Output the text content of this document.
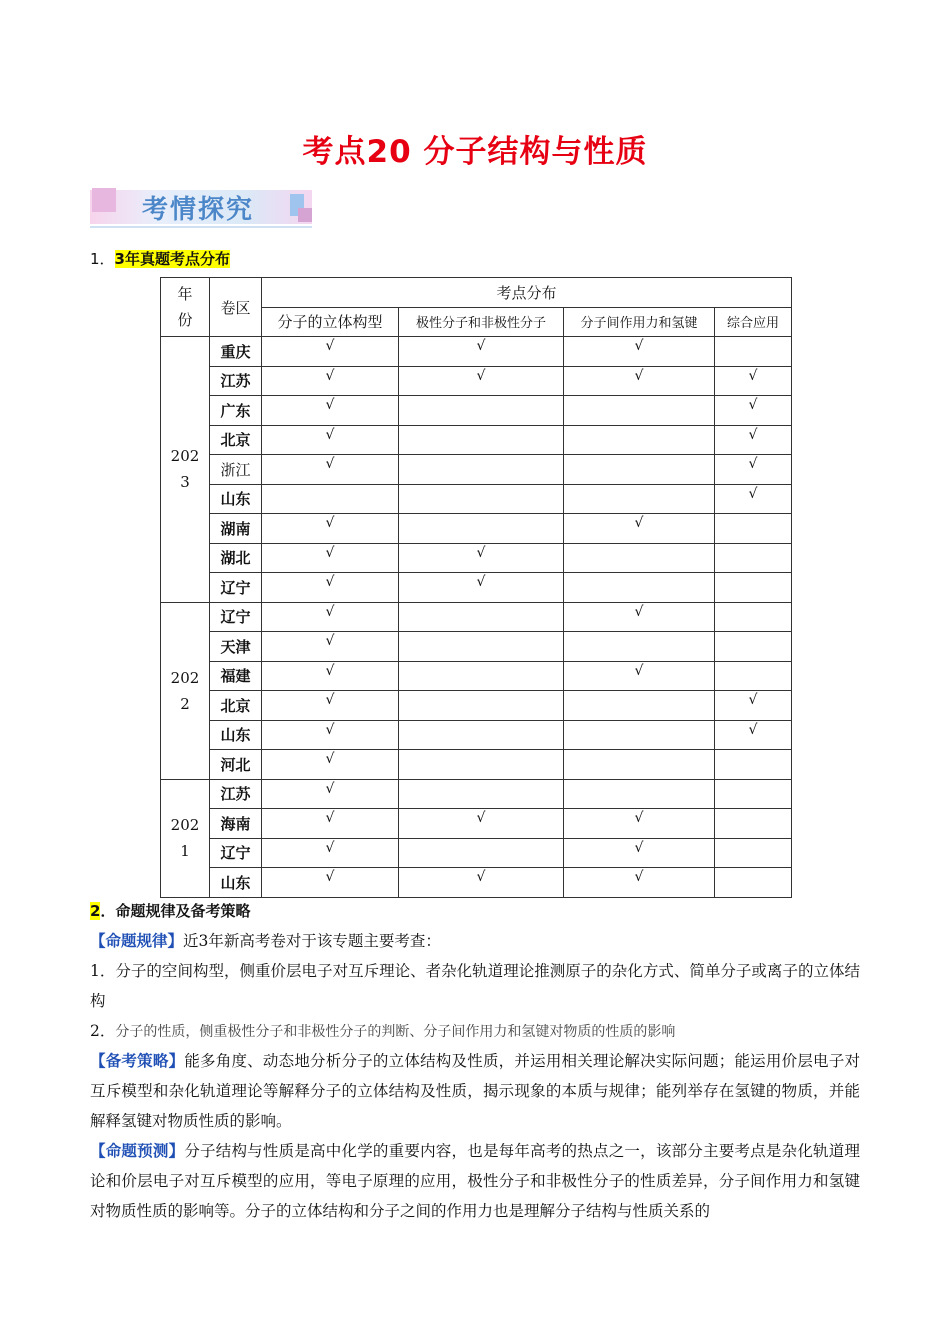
考点20 分子结构与性质
考情探究
1．3年真题考点分布
年
份	卷区	考点分布			
		分子的立体构型	极性分子和非极性分子	分子间作用力和氢键	综合应用
202
3	重庆	√	√	√	
	江苏	√	√	√	√
	广东	√			√
	北京	√			√
	浙江	√			√
	山东				√
	湖南	√		√	
	湖北	√	√		
	辽宁	√	√		
202
2	辽宁	√		√	
	天津	√			
	福建	√		√	
	北京	√			√
	山东	√			√
	河北	√			
202
1	江苏	√			
	海南	√	√	√	
	辽宁	√		√	
	山东	√	√	√	
2．命题规律及备考策略
【命题规律】近3年新高考卷对于该专题主要考查：
1．分子的空间构型，侧重价层电子对互斥理论、者杂化轨道理论推测原子的杂化方式、简单分子或离子的立体结构
2．分子的性质，侧重极性分子和非极性分子的判断、分子间作用力和氢键对物质的性质的影响
【备考策略】能多角度、动态地分析分子的立体结构及性质，并运用相关理论解决实际问题；能运用价层电子对互斥模型和杂化轨道理论等解释分子的立体结构及性质，揭示现象的本质与规律；能列举存在氢键的物质，并能解释氢键对物质性质的影响。
【命题预测】分子结构与性质是高中化学的重要内容，也是每年高考的热点之一，该部分主要考点是杂化轨道理论和价层电子对互斥模型的应用，等电子原理的应用，极性分子和非极性分子的性质差异，分子间作用力和氢键对物质性质的影响等。分子的立体结构和分子之间的作用力也是理解分子结构与性质关系的
